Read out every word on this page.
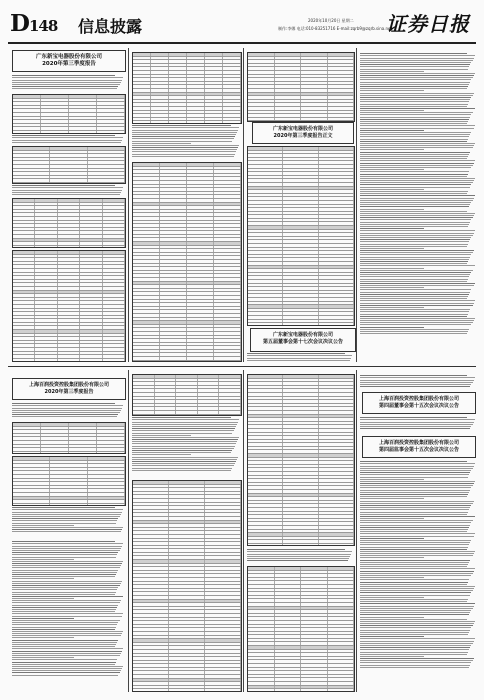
D148 信息披露	2020年10月20日 星期二
制作:李娜 电话:010-83251716 E-mail:zqrb9@zqrb.sina.net
证券日报
广东新宝电器股份有限公司
2020年第三季度报告
广东新宝电器股份有限公司
2020年第三季度报告正文
广东新宝电器股份有限公司
第五届董事会第十七次会议决议公告
上海百润投资控股集团股份有限公司
2020年第三季度报告
上海百润投资控股集团股份有限公司
第四届董事会第十五次会议决议公告
上海百润投资控股集团股份有限公司
第四届监事会第十五次会议决议公告
